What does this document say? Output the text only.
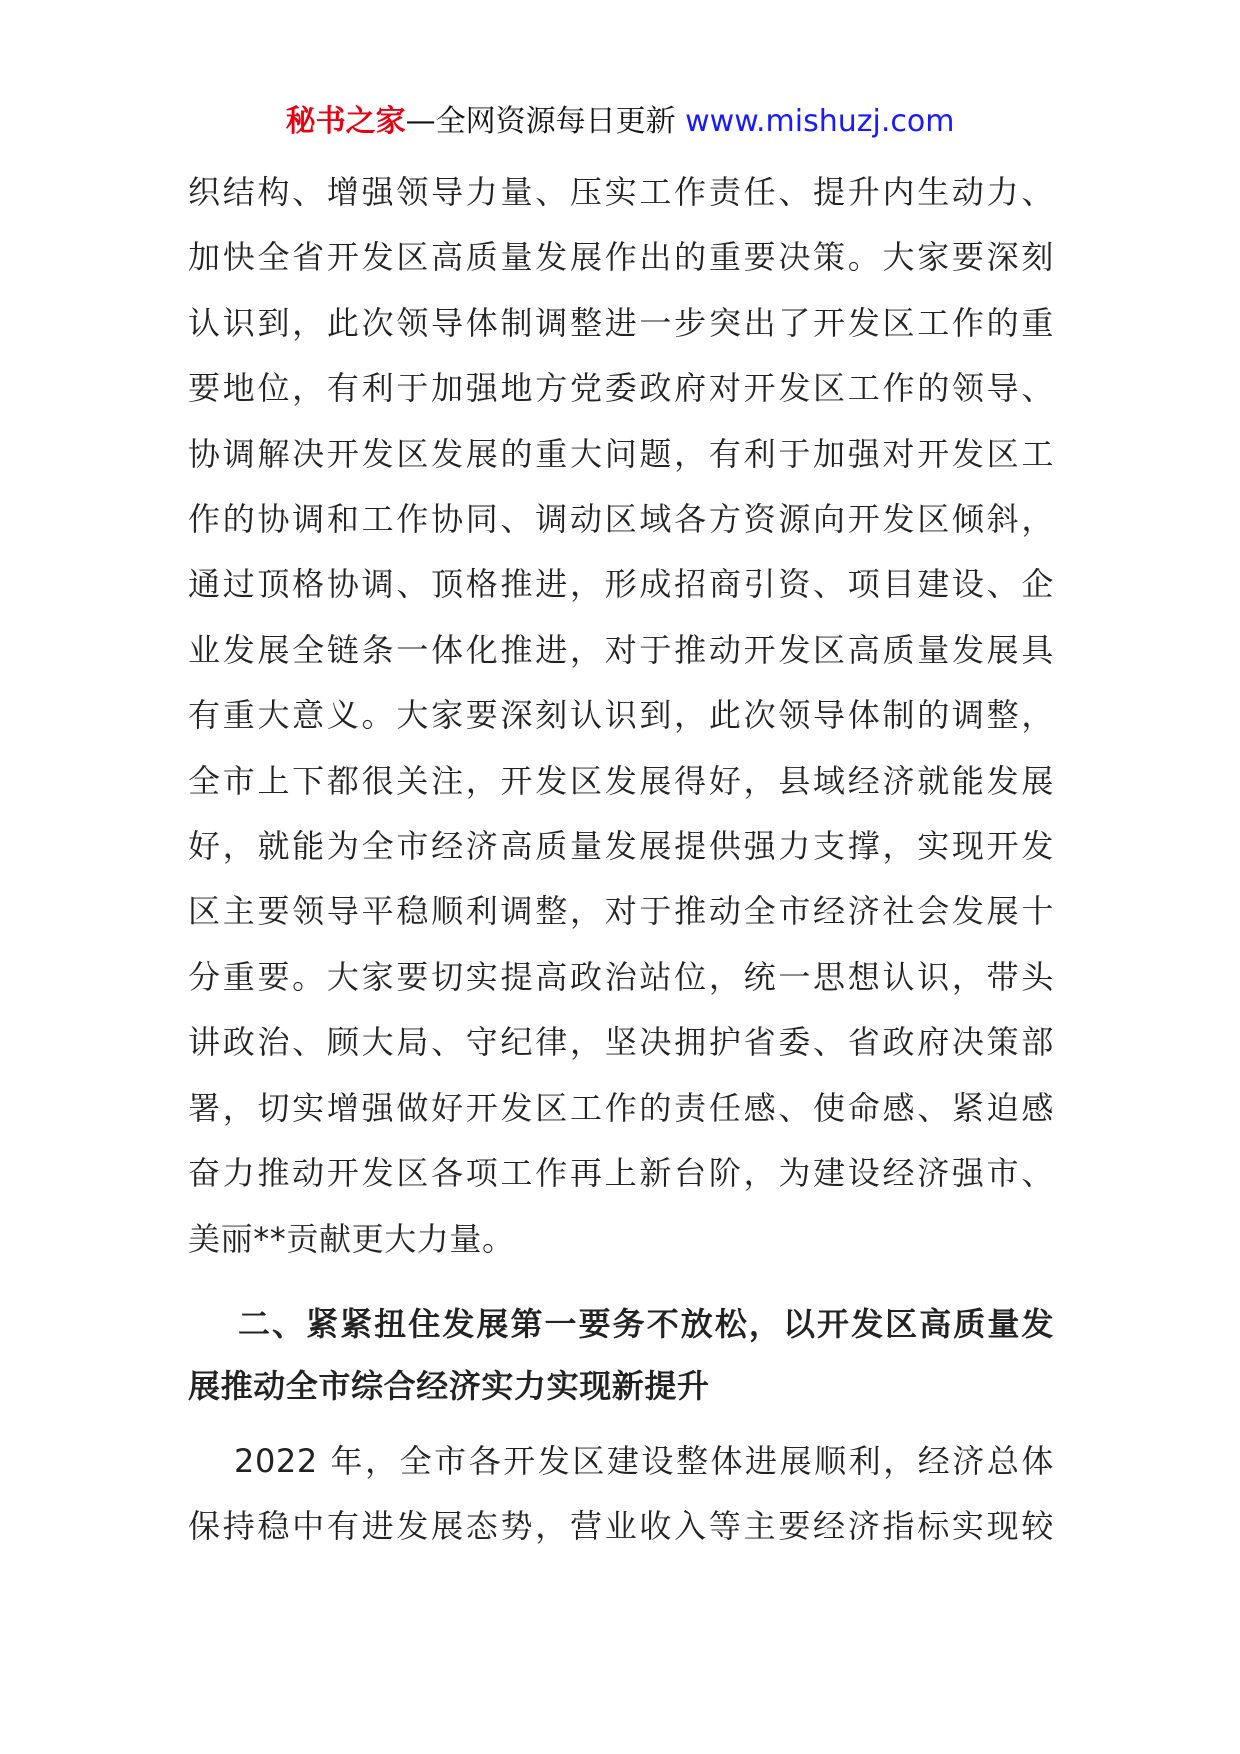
秘书之家—全网资源每日更新 www.mishuzj.com

织结构、增强领导力量、压实工作责任、提升内生动力、
加快全省开发区高质量发展作出的重要决策。大家要深刻
认识到，此次领导体制调整进一步突出了开发区工作的重
要地位，有利于加强地方党委政府对开发区工作的领导、
协调解决开发区发展的重大问题，有利于加强对开发区工
作的协调和工作协同、调动区域各方资源向开发区倾斜，
通过顶格协调、顶格推进，形成招商引资、项目建设、企
业发展全链条一体化推进，对于推动开发区高质量发展具
有重大意义。大家要深刻认识到，此次领导体制的调整，
全市上下都很关注，开发区发展得好，县域经济就能发展
好，就能为全市经济高质量发展提供强力支撑，实现开发
区主要领导平稳顺利调整，对于推动全市经济社会发展十
分重要。大家要切实提高政治站位，统一思想认识，带头
讲政治、顾大局、守纪律，坚决拥护省委、省政府决策部
署，切实增强做好开发区工作的责任感、使命感、紧迫感
奋力推动开发区各项工作再上新台阶，为建设经济强市、
美丽**贡献更大力量。

二、紧紧扭住发展第一要务不放松，以开发区高质量发
展推动全市综合经济实力实现新提升

2022 年，全市各开发区建设整体进展顺利，经济总体
保持稳中有进发展态势，营业收入等主要经济指标实现较
